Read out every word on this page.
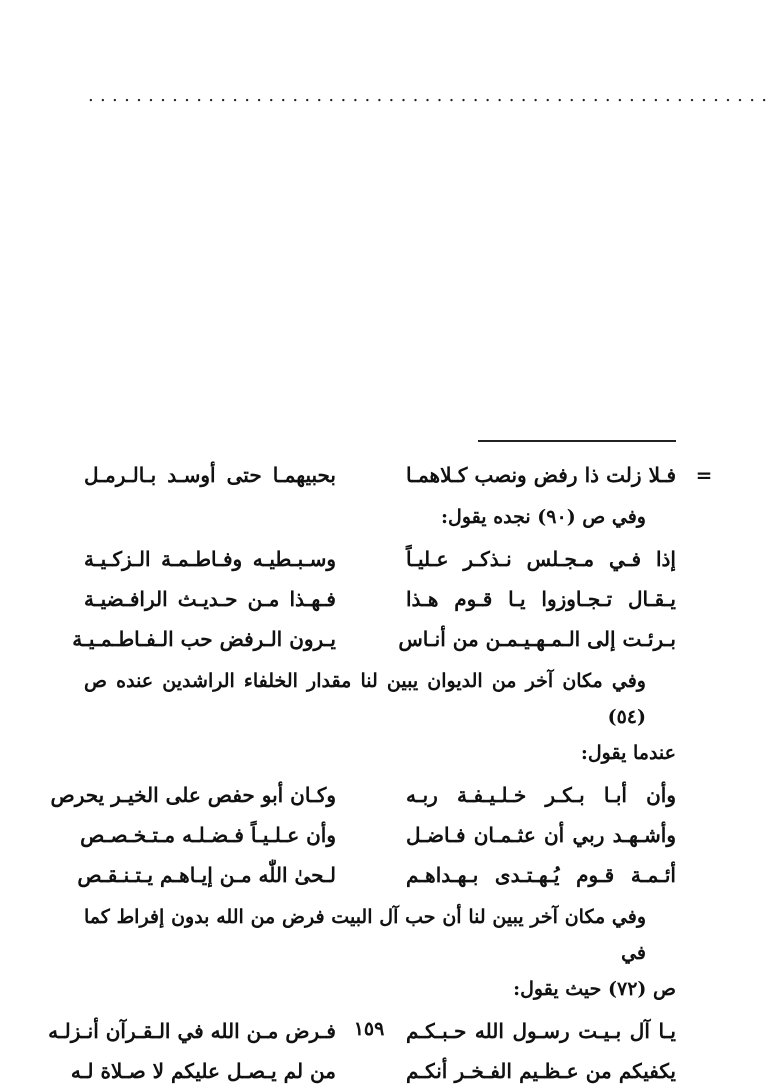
.........................................................
=
فـلا زلت ذا رفض ونصب كـلاهمـا
بحبيهمـا حتى أوسـد بـالـرمـل

وفي ص (٩٠) نجده يقول:

إذا فـي مـجـلس نـذكـر عـليـاً
وسـبـطيـه وفـاطـمـة الـزكـيـة
يـقـال تـجـاوزوا يـا قـوم هـذا
فـهـذا مـن حـديـث الرافـضيـة
بـرئـت إلى الـمـهـيـمـن من أنـاس
يـرون الـرفض حب الـفـاطـمـيـة

وفي مكان آخر من الديوان يبين لنا مقدار الخلفاء الراشدين عنده ص (٥٤)

عندما يقول:

وأن أبـا بـكـر خـلـيـفـة ربـه
وكـان أبو حفص على الخيـر يحرص
وأشـهـد ربي أن عثـمـان فـاضـل
وأن عـلـيـاً فـضـلـه مـتـخـصـص
أئـمـة قـوم يُـهـتـدى بـهـداهـم
لـحىٰ اللّٰه مـن إيـاهـم يـتـنـقـص

وفي مكان آخر يبين لنا أن حب آل البيت فرض من الله بدون إفراط كما في

ص (٧٢) حيث يقول:

يـا آل بـيـت رسـول الله حـبـكـم
فـرض مـن الله في الـقـرآن أنـزلـه
يكفيكم من عـظـيم الفـخـر أنكـم
من لم يـصـل عليكم لا صـلاة لـه
١٥٩
